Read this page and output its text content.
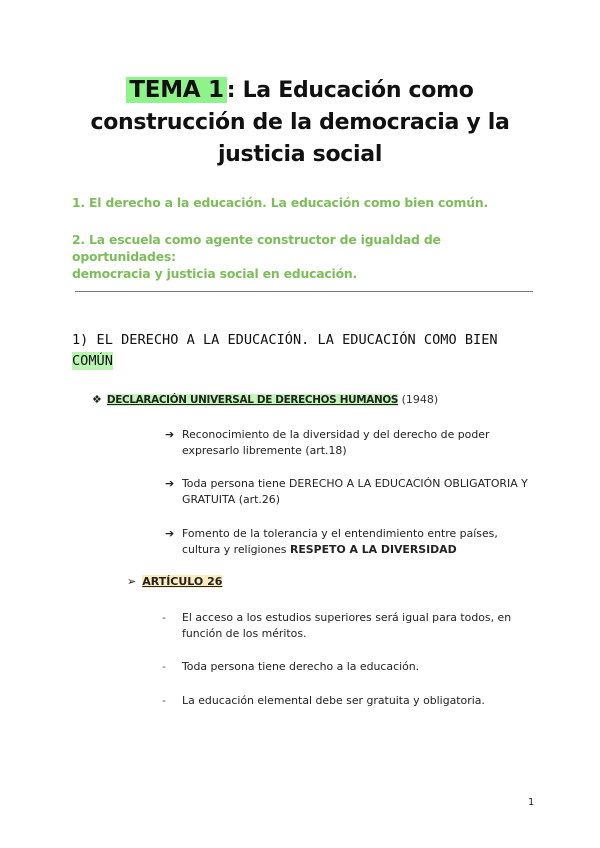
TEMA 1 : La Educación como
construcción de la democracia y la
justicia social
1. El derecho a la educación. La educación como bien común.
2. La escuela como agente constructor de igualdad de oportunidades:
democracia y justicia social en educación.
1) EL DERECHO A LA EDUCACIÓN. LA EDUCACIÓN COMO BIEN
COMÚN
❖ DECLARACIÓN UNIVERSAL DE DERECHOS HUMANOS (1948)
➔ Reconocimiento de la diversidad y del derecho de poder
expresarlo libremente (art.18)
➔ Toda persona tiene DERECHO A LA EDUCACIÓN OBLIGATORIA Y
GRATUITA (art.26)
➔ Fomento de la tolerancia y el entendimiento entre países,
cultura y religiones RESPETO A LA DIVERSIDAD
➢ ARTÍCULO 26
- El acceso a los estudios superiores será igual para todos, en
función de los méritos.
- Toda persona tiene derecho a la educación.
- La educación elemental debe ser gratuita y obligatoria.
1
